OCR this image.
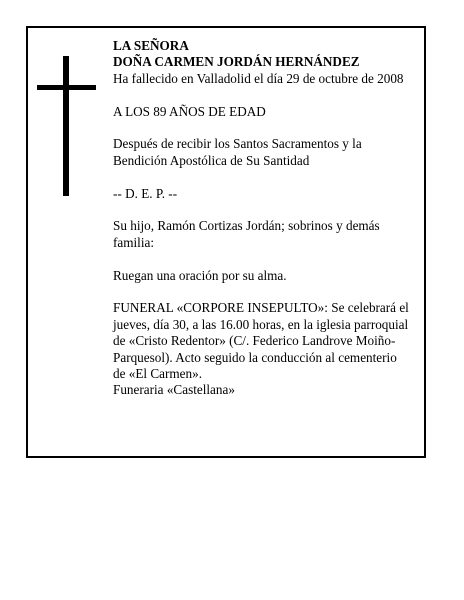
LA SEÑORA
DOÑA CARMEN JORDÁN HERNÁNDEZ
Ha fallecido en Valladolid el día 29 de octubre de 2008

A LOS 89 AÑOS DE EDAD

Después de recibir los Santos Sacramentos y la
Bendición Apostólica de Su Santidad

-- D. E. P. --

Su hijo, Ramón Cortizas Jordán; sobrinos y demás
familia:

Ruegan una oración por su alma.

FUNERAL «CORPORE INSEPULTO»: Se celebrará el
jueves, día 30, a las 16.00 horas, en la iglesia parroquial
de «Cristo Redentor» (C/. Federico Landrove Moiño-
Parquesol). Acto seguido la conducción al cementerio
de «El Carmen».
Funeraria «Castellana»
